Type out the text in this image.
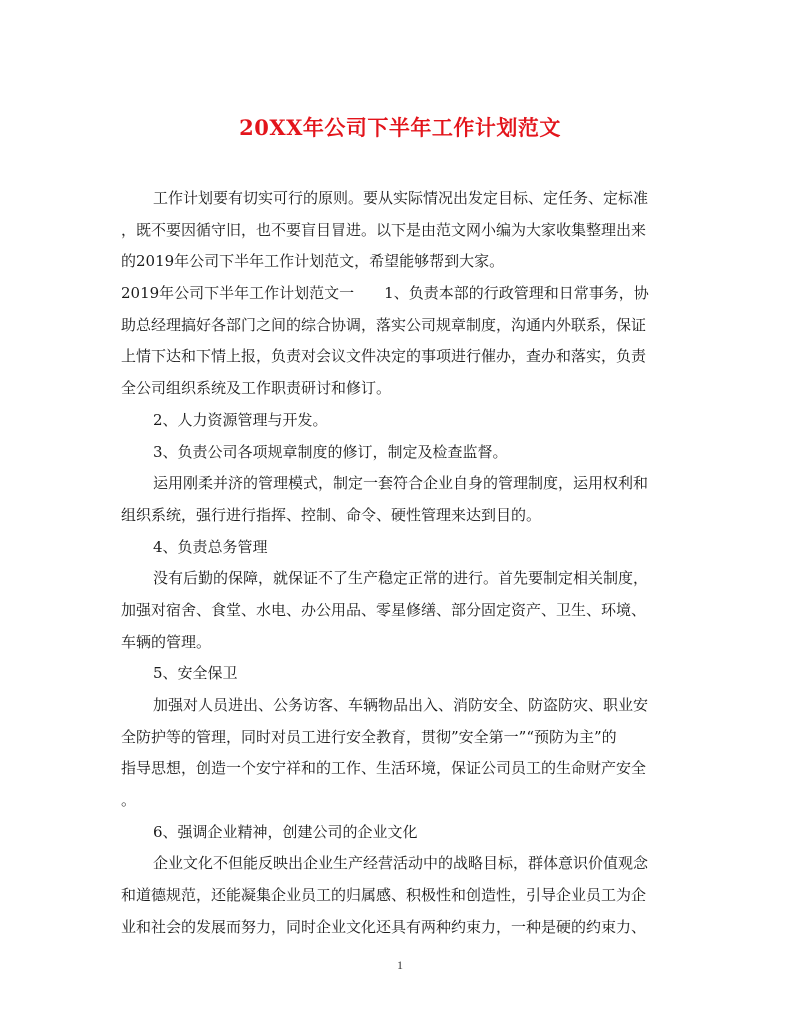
20XX年公司下半年工作计划范文
工作计划要有切实可行的原则。要从实际情况出发定目标、定任务、定标准
，既不要因循守旧，也不要盲目冒进。以下是由范文网小编为大家收集整理出来
的2019年公司下半年工作计划范文，希望能够帮到大家。
2019年公司下半年工作计划范文一　　1、负责本部的行政管理和日常事务，协
助总经理搞好各部门之间的综合协调，落实公司规章制度，沟通内外联系，保证
上情下达和下情上报，负责对会议文件决定的事项进行催办，查办和落实，负责
全公司组织系统及工作职责研讨和修订。
2、人力资源管理与开发。
3、负责公司各项规章制度的修订，制定及检查监督。
运用刚柔并济的管理模式，制定一套符合企业自身的管理制度，运用权利和
组织系统，强行进行指挥、控制、命令、硬性管理来达到目的。
4、负责总务管理
没有后勤的保障，就保证不了生产稳定正常的进行。首先要制定相关制度，
加强对宿舍、食堂、水电、办公用品、零星修缮、部分固定资产、卫生、环境、
车辆的管理。
5、安全保卫
加强对人员进出、公务访客、车辆物品出入、消防安全、防盗防灾、职业安
全防护等的管理，同时对员工进行安全教育，贯彻”安全第一”“预防为主”的
指导思想，创造一个安宁祥和的工作、生活环境，保证公司员工的生命财产安全
。
6、强调企业精神，创建公司的企业文化
企业文化不但能反映出企业生产经营活动中的战略目标，群体意识价值观念
和道德规范，还能凝集企业员工的归属感、积极性和创造性，引导企业员工为企
业和社会的发展而努力，同时企业文化还具有两种约束力，一种是硬的约束力、
1
